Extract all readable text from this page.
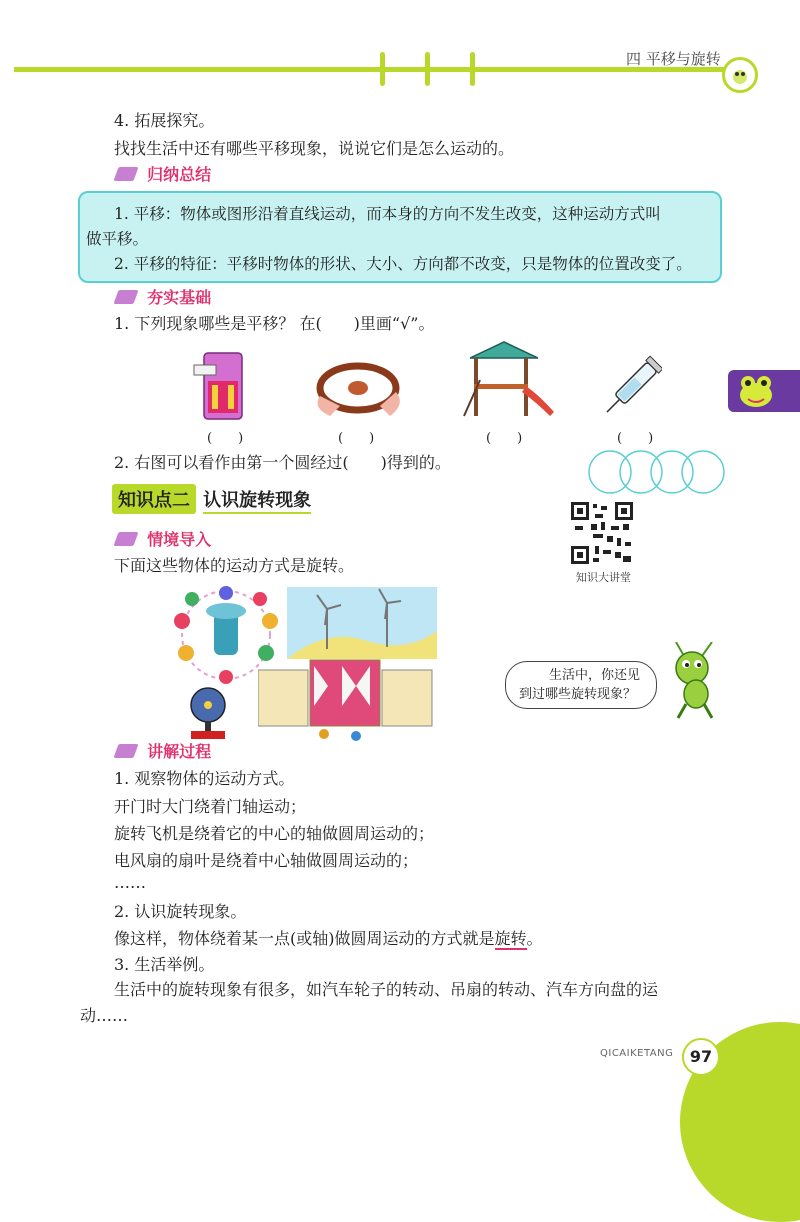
四 平移与旋转
4. 拓展探究。
找找生活中还有哪些平移现象，说说它们是怎么运动的。
归纳总结
1. 平移：物体或图形沿着直线运动，而本身的方向不发生改变，这种运动方式叫
做平移。
2. 平移的特征：平移时物体的形状、大小、方向都不改变，只是物体的位置改变了。
夯实基础
1. 下列现象哪些是平移？ 在(　　)里画“√”。
(　　)	(　　)	(　　)	(　　)
2. 右图可以看作由第一个圆经过(　　)得到的。
知识点二 认识旋转现象
知识大讲堂
情境导入
下面这些物体的运动方式是旋转。
生活中，你还见
到过哪些旋转现象？
讲解过程
1. 观察物体的运动方式。
开门时大门绕着门轴运动；
旋转飞机是绕着它的中心的轴做圆周运动的；
电风扇的扇叶是绕着中心轴做圆周运动的；
……
2. 认识旋转现象。
像这样，物体绕着某一点(或轴)做圆周运动的方式就是旋转。
3. 生活举例。
生活中的旋转现象有很多，如汽车轮子的转动、吊扇的转动、汽车方向盘的运
动……
QICAIKETANG	97
